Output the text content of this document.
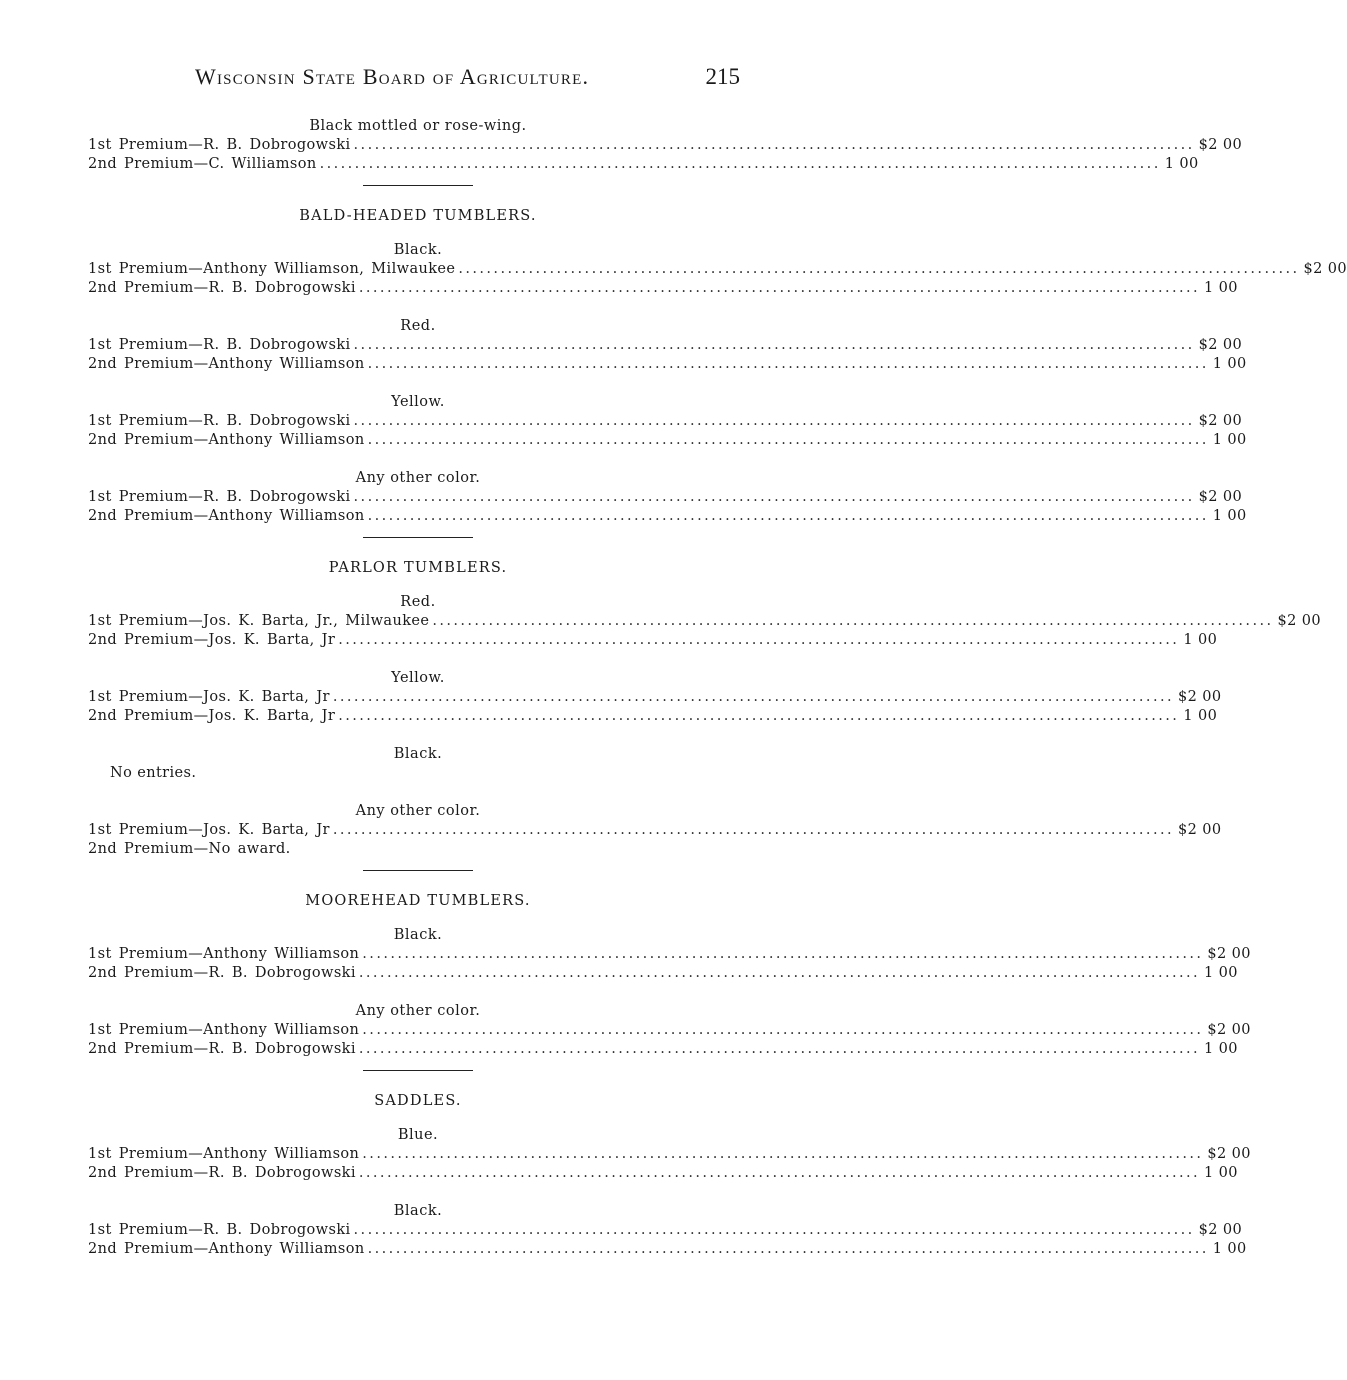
Wisconsin State Board of Agriculture.	215
Black mottled or rose-wing.
1st Premium—R. B. Dobrogowski ........................................................................................................................ $2 00
2nd Premium—C. Williamson ........................................................................................................................ 1 00
BALD-HEADED TUMBLERS.
Black.
1st Premium—Anthony Williamson, Milwaukee ........................................................................................................................ $2 00
2nd Premium—R. B. Dobrogowski ........................................................................................................................ 1 00
Red.
1st Premium—R. B. Dobrogowski ........................................................................................................................ $2 00
2nd Premium—Anthony Williamson ........................................................................................................................ 1 00
Yellow.
1st Premium—R. B. Dobrogowski ........................................................................................................................ $2 00
2nd Premium—Anthony Williamson ........................................................................................................................ 1 00
Any other color.
1st Premium—R. B. Dobrogowski ........................................................................................................................ $2 00
2nd Premium—Anthony Williamson ........................................................................................................................ 1 00
PARLOR TUMBLERS.
Red.
1st Premium—Jos. K. Barta, Jr., Milwaukee ........................................................................................................................ $2 00
2nd Premium—Jos. K. Barta, Jr ........................................................................................................................ 1 00
Yellow.
1st Premium—Jos. K. Barta, Jr ........................................................................................................................ $2 00
2nd Premium—Jos. K. Barta, Jr ........................................................................................................................ 1 00
Black.
No entries.
Any other color.
1st Premium—Jos. K. Barta, Jr ........................................................................................................................ $2 00
2nd Premium—No award.
MOOREHEAD TUMBLERS.
Black.
1st Premium—Anthony Williamson ........................................................................................................................ $2 00
2nd Premium—R. B. Dobrogowski ........................................................................................................................ 1 00
Any other color.
1st Premium—Anthony Williamson ........................................................................................................................ $2 00
2nd Premium—R. B. Dobrogowski ........................................................................................................................ 1 00
SADDLES.
Blue.
1st Premium—Anthony Williamson ........................................................................................................................ $2 00
2nd Premium—R. B. Dobrogowski ........................................................................................................................ 1 00
Black.
1st Premium—R. B. Dobrogowski ........................................................................................................................ $2 00
2nd Premium—Anthony Williamson ........................................................................................................................ 1 00
